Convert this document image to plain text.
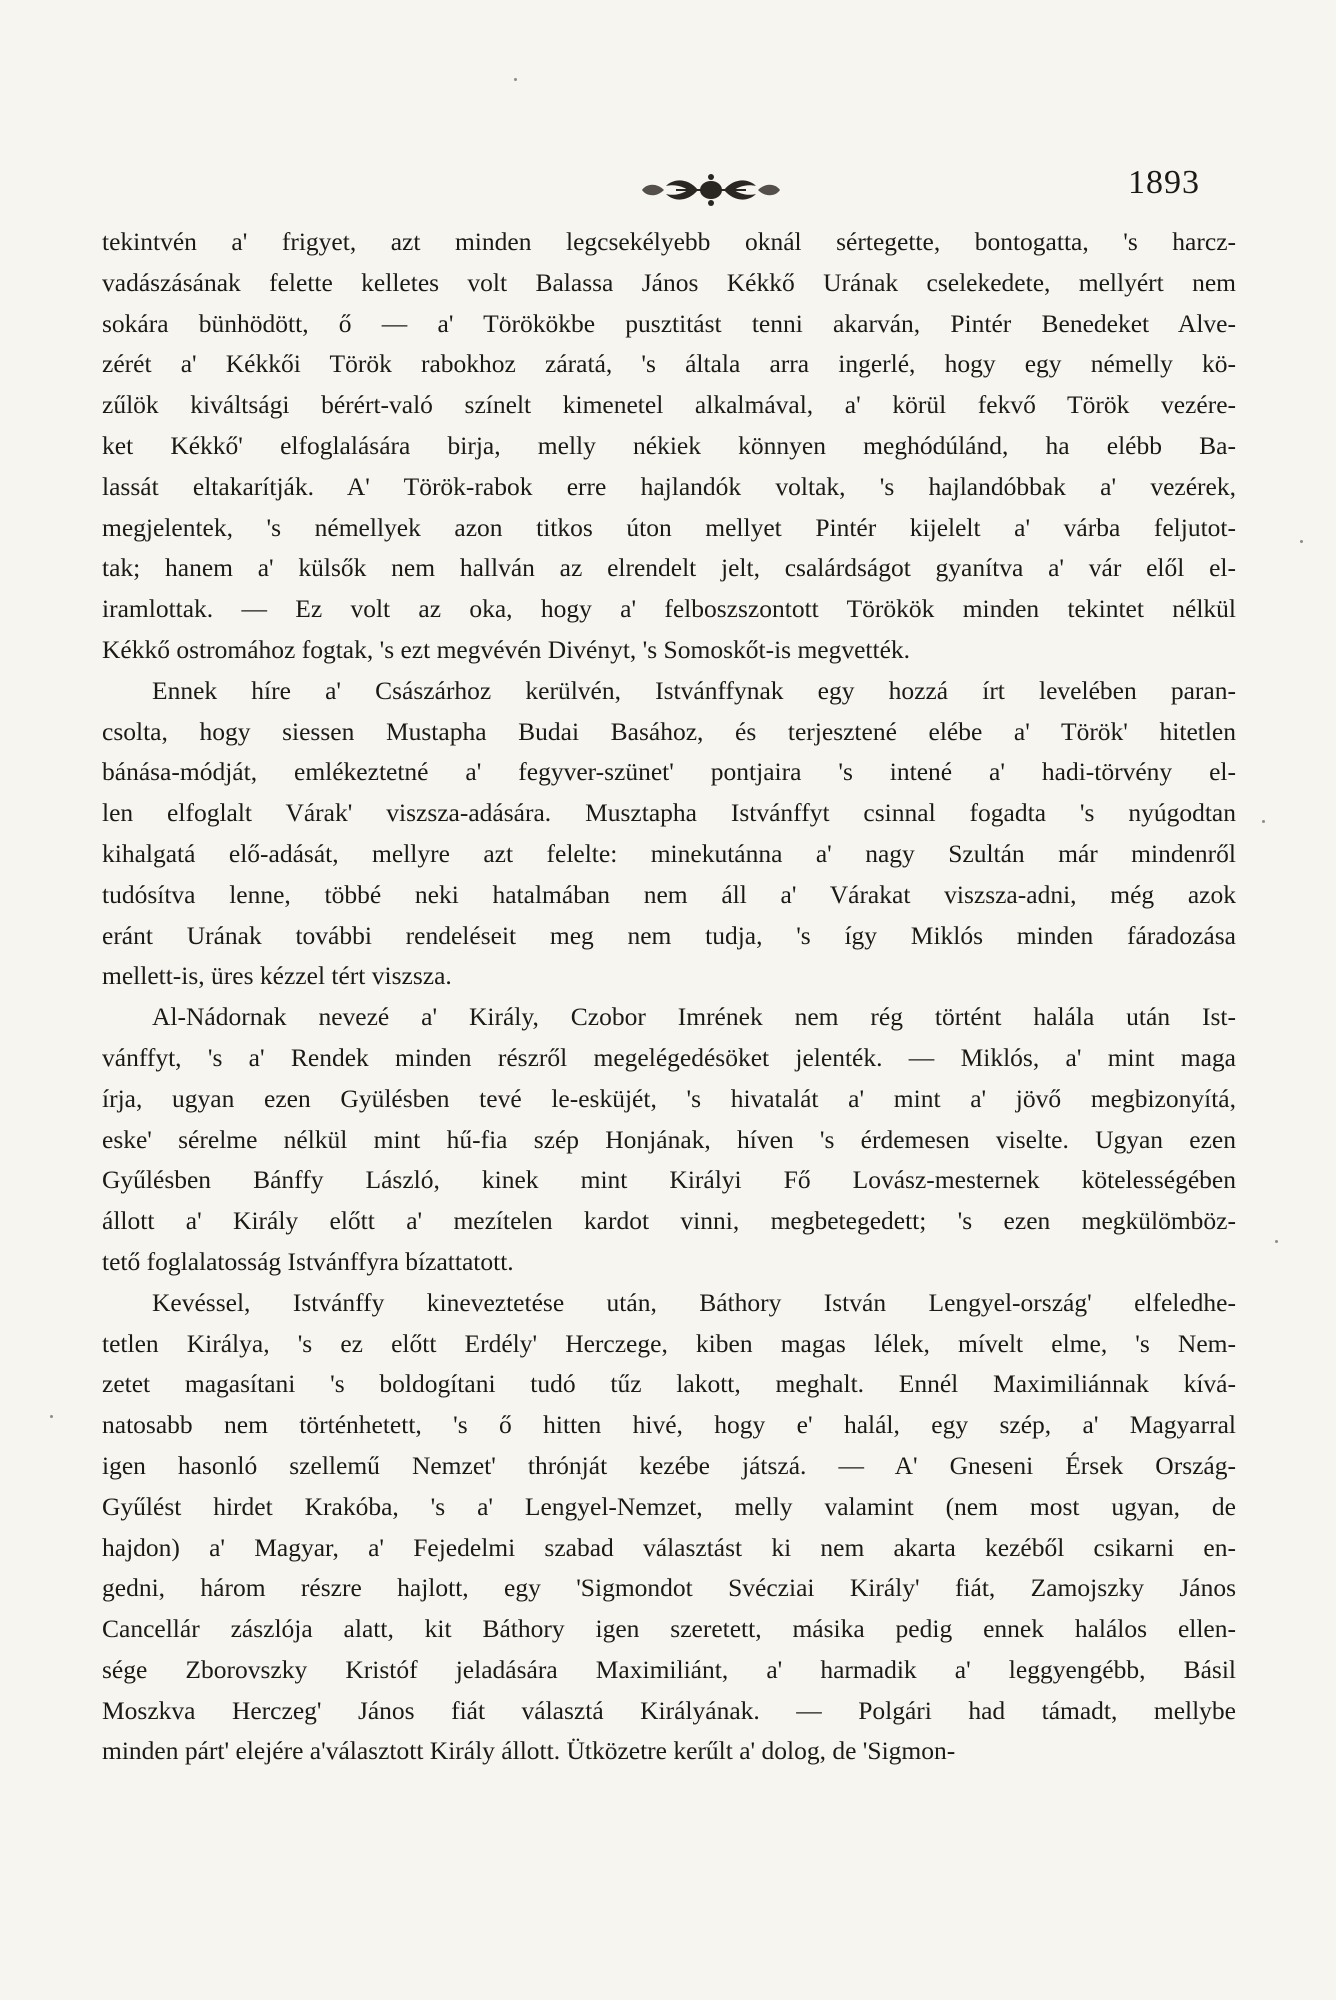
1893
tekintvén a' frigyet, azt minden legcsekélyebb oknál sértegette, bontogatta, 's harcz-
vadászásának felette kelletes volt Balassa János Kékkő Urának cselekedete, mellyért nem
sokára bünhödött, ő — a' Törökökbe pusztitást tenni akarván, Pintér Benedeket Alve-
zérét a' Kékkői Török rabokhoz záratá, 's általa arra ingerlé, hogy egy némelly kö-
zűlök kiváltsági bérért-való színelt kimenetel alkalmával, a' körül fekvő Török vezére-
ket Kékkő' elfoglalására birja, melly nékiek könnyen meghódúlánd, ha elébb Ba-
lassát eltakarítják. A' Török-rabok erre hajlandók voltak, 's hajlandóbbak a' vezérek,
megjelentek, 's némellyek azon titkos úton mellyet Pintér kijelelt a' várba feljutot-
tak; hanem a' külsők nem hallván az elrendelt jelt, csalárdságot gyanítva a' vár elől el-
iramlottak. — Ez volt az oka, hogy a' felboszszontott Törökök minden tekintet nélkül
Kékkő ostromához fogtak, 's ezt megvévén Divényt, 's Somoskőt-is megvették.
Ennek híre a' Császárhoz kerülvén, Istvánffynak egy hozzá írt levelében paran-
csolta, hogy siessen Mustapha Budai Basához, és terjesztené elébe a' Török' hitetlen
bánása-módját, emlékeztetné a' fegyver-szünet' pontjaira 's intené a' hadi-törvény el-
len elfoglalt Várak' viszsza-adására. Musztapha Istvánffyt csinnal fogadta 's nyúgodtan
kihalgatá elő-adását, mellyre azt felelte: minekutánna a' nagy Szultán már mindenről
tudósítva lenne, többé neki hatalmában nem áll a' Várakat viszsza-adni, még azok
eránt Urának további rendeléseit meg nem tudja, 's így Miklós minden fáradozása
mellett-is, üres kézzel tért viszsza.
Al-Nádornak nevezé a' Király, Czobor Imrének nem rég történt halála után Ist-
vánffyt, 's a' Rendek minden részről megelégedésöket jelenték. — Miklós, a' mint maga
írja, ugyan ezen Gyülésben tevé le-esküjét, 's hivatalát a' mint a' jövő megbizonyítá,
eske' sérelme nélkül mint hű-fia szép Honjának, híven 's érdemesen viselte. Ugyan ezen
Gyűlésben Bánffy László, kinek mint Királyi Fő Lovász-mesternek kötelességében
állott a' Király előtt a' mezítelen kardot vinni, megbetegedett; 's ezen megkülömböz-
tető foglalatosság Istvánffyra bízattatott.
Kevéssel, Istvánffy kineveztetése után, Báthory István Lengyel-ország' elfeledhe-
tetlen Királya, 's ez előtt Erdély' Herczege, kiben magas lélek, mívelt elme, 's Nem-
zetet magasítani 's boldogítani tudó tűz lakott, meghalt. Ennél Maximiliánnak kívá-
natosabb nem történhetett, 's ő hitten hivé, hogy e' halál, egy szép, a' Magyarral
igen hasonló szellemű Nemzet' thrónját kezébe játszá. — A' Gneseni Érsek Ország-
Gyűlést hirdet Krakóba, 's a' Lengyel-Nemzet, melly valamint (nem most ugyan, de
hajdon) a' Magyar, a' Fejedelmi szabad választást ki nem akarta kezéből csikarni en-
gedni, három részre hajlott, egy 'Sigmondot Svécziai Király' fiát, Zamojszky János
Cancellár zászlója alatt, kit Báthory igen szeretett, másika pedig ennek halálos ellen-
sége Zborovszky Kristóf jeladására Maximiliánt, a' harmadik a' leggyengébb, Básil
Moszkva Herczeg' János fiát választá Királyának. — Polgári had támadt, mellybe
minden párt' elejére a'választott Király állott. Ütközetre kerűlt a' dolog, de 'Sigmon-
